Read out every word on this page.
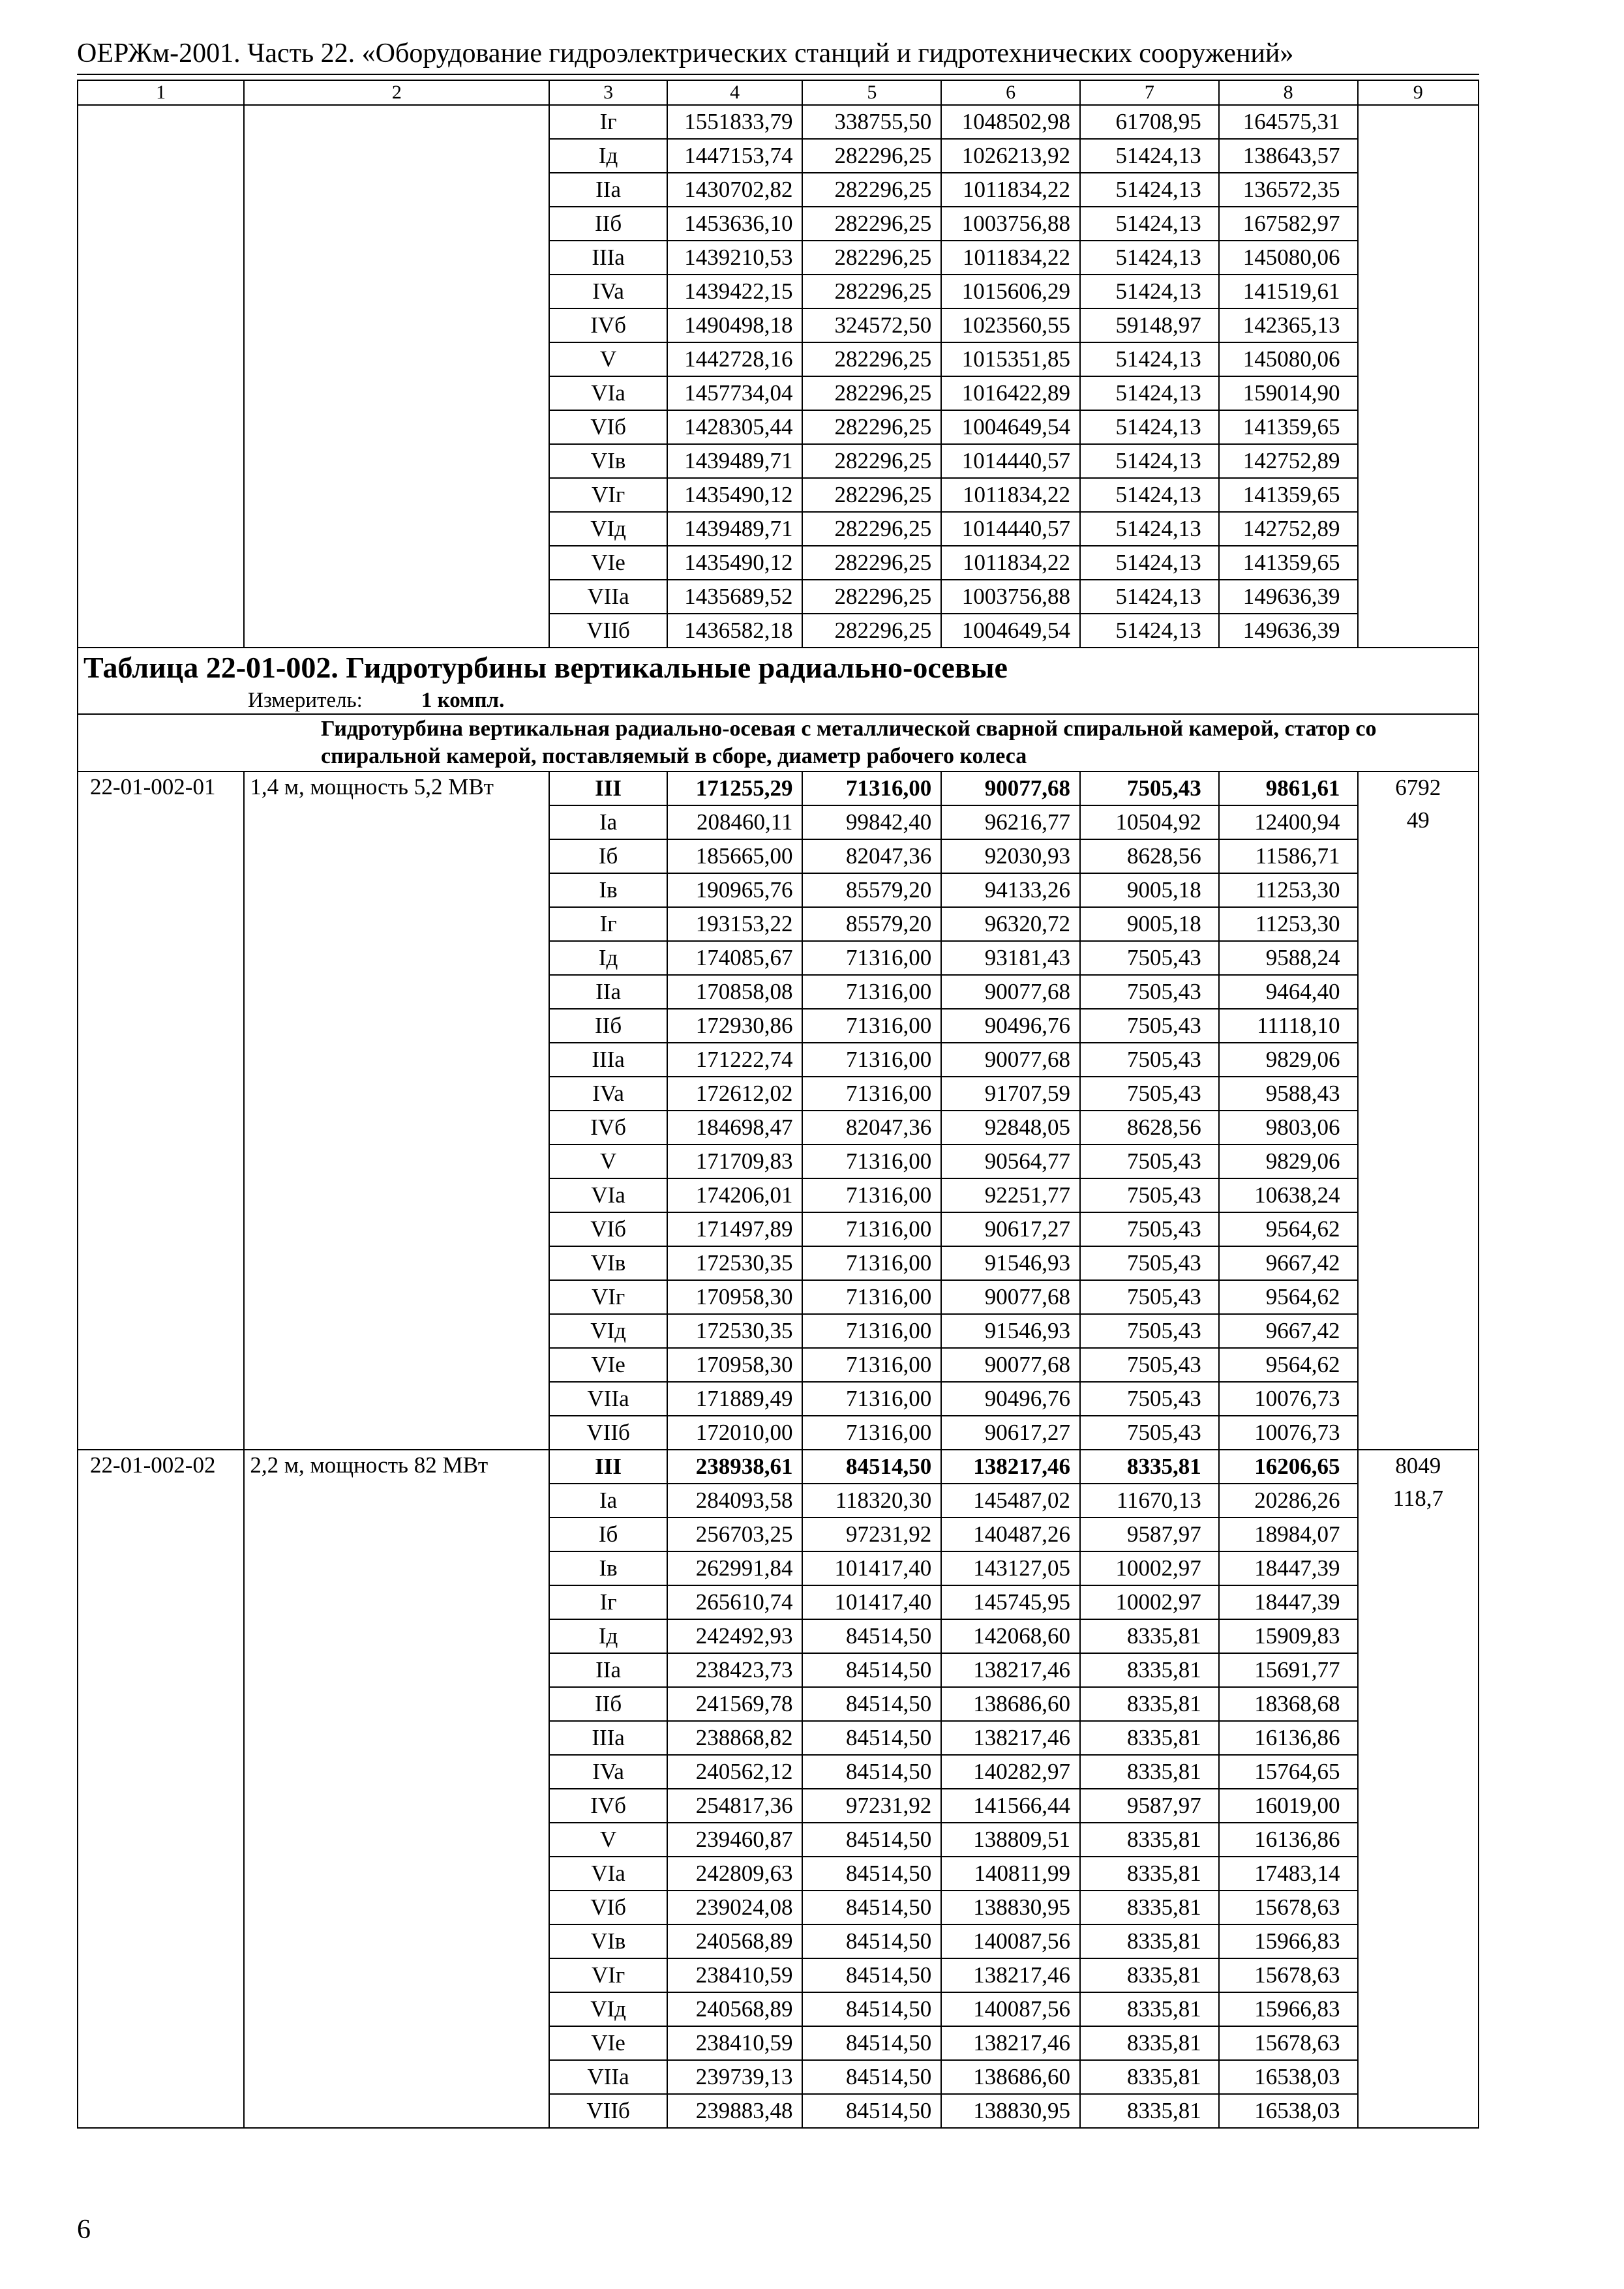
ОЕРЖм-2001. Часть 22. «Оборудование гидроэлектрических станций и гидротехнических сооружений»
1	2	3	4	5	6	7	8	9
		Iг	1551833,79	338755,50	1048502,98	61708,95	164575,31	
		Iд	1447153,74	282296,25	1026213,92	51424,13	138643,57	
		IIa	1430702,82	282296,25	1011834,22	51424,13	136572,35	
		IIб	1453636,10	282296,25	1003756,88	51424,13	167582,97	
		IIIa	1439210,53	282296,25	1011834,22	51424,13	145080,06	
		IVa	1439422,15	282296,25	1015606,29	51424,13	141519,61	
		IVб	1490498,18	324572,50	1023560,55	59148,97	142365,13	
		V	1442728,16	282296,25	1015351,85	51424,13	145080,06	
		VIa	1457734,04	282296,25	1016422,89	51424,13	159014,90	
		VIб	1428305,44	282296,25	1004649,54	51424,13	141359,65	
		VIв	1439489,71	282296,25	1014440,57	51424,13	142752,89	
		VIг	1435490,12	282296,25	1011834,22	51424,13	141359,65	
		VIд	1439489,71	282296,25	1014440,57	51424,13	142752,89	
		VIe	1435490,12	282296,25	1011834,22	51424,13	141359,65	
		VIIa	1435689,52	282296,25	1003756,88	51424,13	149636,39	
		VIIб	1436582,18	282296,25	1004649,54	51424,13	149636,39	
Таблица 22-01-002. Гидротурбины вертикальные радиально-осевые								
Измеритель: 1 компл.								
Гидротурбина вертикальная радиально-осевая с металлической сварной спиральной камерой, статор со спиральной камерой, поставляемый в сборе, диаметр рабочего колеса								
22-01-002-01	1,4 м, мощность 5,2 МВт	III	171255,29	71316,00	90077,68	7505,43	9861,61	6792
49

		Ia	208460,11	99842,40	96216,77	10504,92	12400,94	
		Iб	185665,00	82047,36	92030,93	8628,56	11586,71	
		Iв	190965,76	85579,20	94133,26	9005,18	11253,30	
		Iг	193153,22	85579,20	96320,72	9005,18	11253,30	
		Iд	174085,67	71316,00	93181,43	7505,43	9588,24	
		IIa	170858,08	71316,00	90077,68	7505,43	9464,40	
		IIб	172930,86	71316,00	90496,76	7505,43	11118,10	
		IIIa	171222,74	71316,00	90077,68	7505,43	9829,06	
		IVa	172612,02	71316,00	91707,59	7505,43	9588,43	
		IVб	184698,47	82047,36	92848,05	8628,56	9803,06	
		V	171709,83	71316,00	90564,77	7505,43	9829,06	
		VIa	174206,01	71316,00	92251,77	7505,43	10638,24	
		VIб	171497,89	71316,00	90617,27	7505,43	9564,62	
		VIв	172530,35	71316,00	91546,93	7505,43	9667,42	
		VIг	170958,30	71316,00	90077,68	7505,43	9564,62	
		VIд	172530,35	71316,00	91546,93	7505,43	9667,42	
		VIe	170958,30	71316,00	90077,68	7505,43	9564,62	
		VIIa	171889,49	71316,00	90496,76	7505,43	10076,73	
		VIIб	172010,00	71316,00	90617,27	7505,43	10076,73	
22-01-002-02	2,2 м, мощность 82 МВт	III	238938,61	84514,50	138217,46	8335,81	16206,65	8049
118,7

		Ia	284093,58	118320,30	145487,02	11670,13	20286,26	
		Iб	256703,25	97231,92	140487,26	9587,97	18984,07	
		Iв	262991,84	101417,40	143127,05	10002,97	18447,39	
		Iг	265610,74	101417,40	145745,95	10002,97	18447,39	
		Iд	242492,93	84514,50	142068,60	8335,81	15909,83	
		IIa	238423,73	84514,50	138217,46	8335,81	15691,77	
		IIб	241569,78	84514,50	138686,60	8335,81	18368,68	
		IIIa	238868,82	84514,50	138217,46	8335,81	16136,86	
		IVa	240562,12	84514,50	140282,97	8335,81	15764,65	
		IVб	254817,36	97231,92	141566,44	9587,97	16019,00	
		V	239460,87	84514,50	138809,51	8335,81	16136,86	
		VIa	242809,63	84514,50	140811,99	8335,81	17483,14	
		VIб	239024,08	84514,50	138830,95	8335,81	15678,63	
		VIв	240568,89	84514,50	140087,56	8335,81	15966,83	
		VIг	238410,59	84514,50	138217,46	8335,81	15678,63	
		VIд	240568,89	84514,50	140087,56	8335,81	15966,83	
		VIe	238410,59	84514,50	138217,46	8335,81	15678,63	
		VIIa	239739,13	84514,50	138686,60	8335,81	16538,03	
		VIIб	239883,48	84514,50	138830,95	8335,81	16538,03	
6
